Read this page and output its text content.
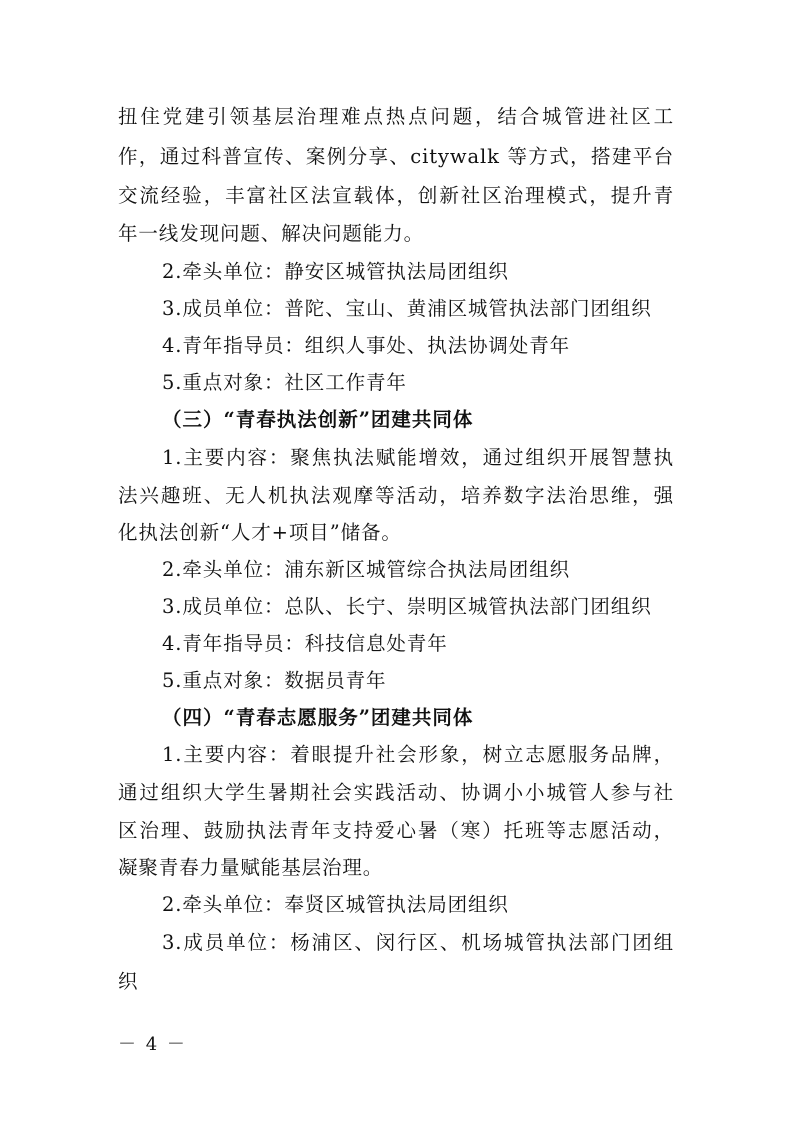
扭住党建引领基层治理难点热点问题，结合城管进社区工
作，通过科普宣传、案例分享、citywalk 等方式，搭建平台
交流经验，丰富社区法宣载体，创新社区治理模式，提升青
年一线发现问题、解决问题能力。
2.牵头单位：静安区城管执法局团组织
3.成员单位：普陀、宝山、黄浦区城管执法部门团组织
4.青年指导员：组织人事处、执法协调处青年
5.重点对象：社区工作青年
（三）“青春执法创新”团建共同体
1.主要内容：聚焦执法赋能增效，通过组织开展智慧执
法兴趣班、无人机执法观摩等活动，培养数字法治思维，强
化执法创新“人才+项目”储备。
2.牵头单位：浦东新区城管综合执法局团组织
3.成员单位：总队、长宁、崇明区城管执法部门团组织
4.青年指导员：科技信息处青年
5.重点对象：数据员青年
（四）“青春志愿服务”团建共同体
1.主要内容：着眼提升社会形象，树立志愿服务品牌，
通过组织大学生暑期社会实践活动、协调小小城管人参与社
区治理、鼓励执法青年支持爱心暑（寒）托班等志愿活动，
凝聚青春力量赋能基层治理。
2.牵头单位：奉贤区城管执法局团组织
3.成员单位：杨浦区、闵行区、机场城管执法部门团组
织
－ 4 －
